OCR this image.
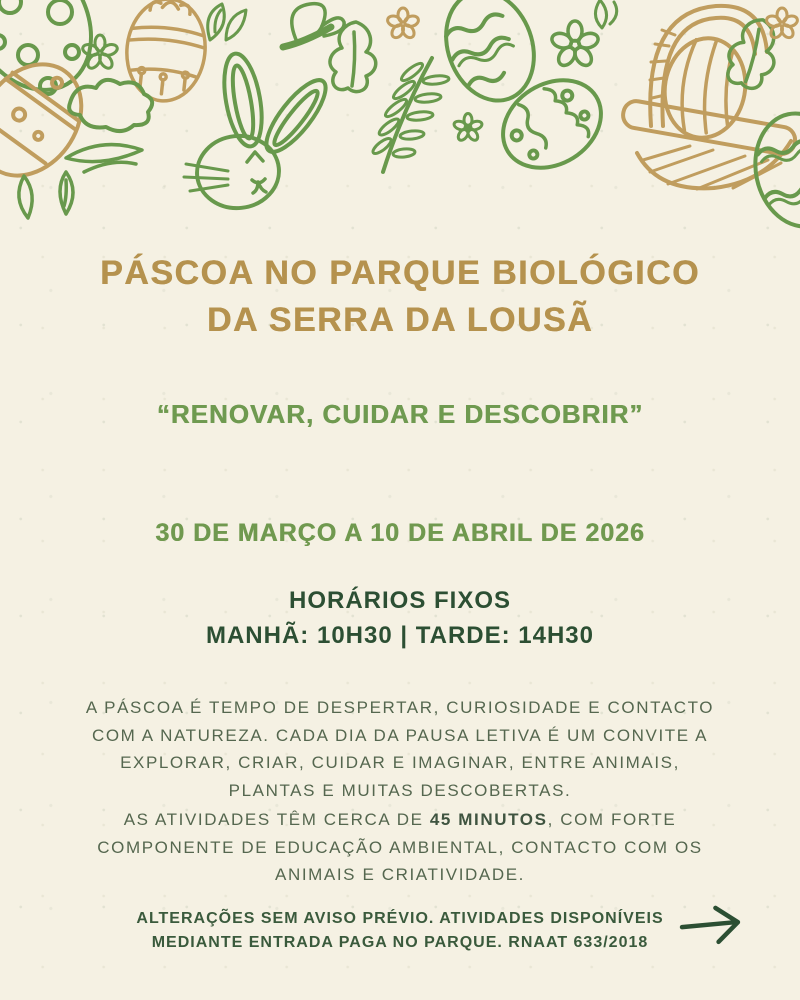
PÁSCOA NO PARQUE BIOLÓGICO
DA SERRA DA LOUSÃ
“RENOVAR, CUIDAR E DESCOBRIR”
30 DE MARÇO A 10 DE ABRIL DE 2026
HORÁRIOS FIXOS
MANHÃ: 10H30 | TARDE: 14H30
A PÁSCOA É TEMPO DE DESPERTAR, CURIOSIDADE E CONTACTO
COM A NATUREZA. CADA DIA DA PAUSA LETIVA É UM CONVITE A
EXPLORAR, CRIAR, CUIDAR E IMAGINAR, ENTRE ANIMAIS,
PLANTAS E MUITAS DESCOBERTAS.
AS ATIVIDADES TÊM CERCA DE 45 MINUTOS, COM FORTE
COMPONENTE DE EDUCAÇÃO AMBIENTAL, CONTACTO COM OS
ANIMAIS E CRIATIVIDADE.
ALTERAÇÕES SEM AVISO PRÉVIO. ATIVIDADES DISPONÍVEIS
MEDIANTE ENTRADA PAGA NO PARQUE. RNAAT 633/2018
